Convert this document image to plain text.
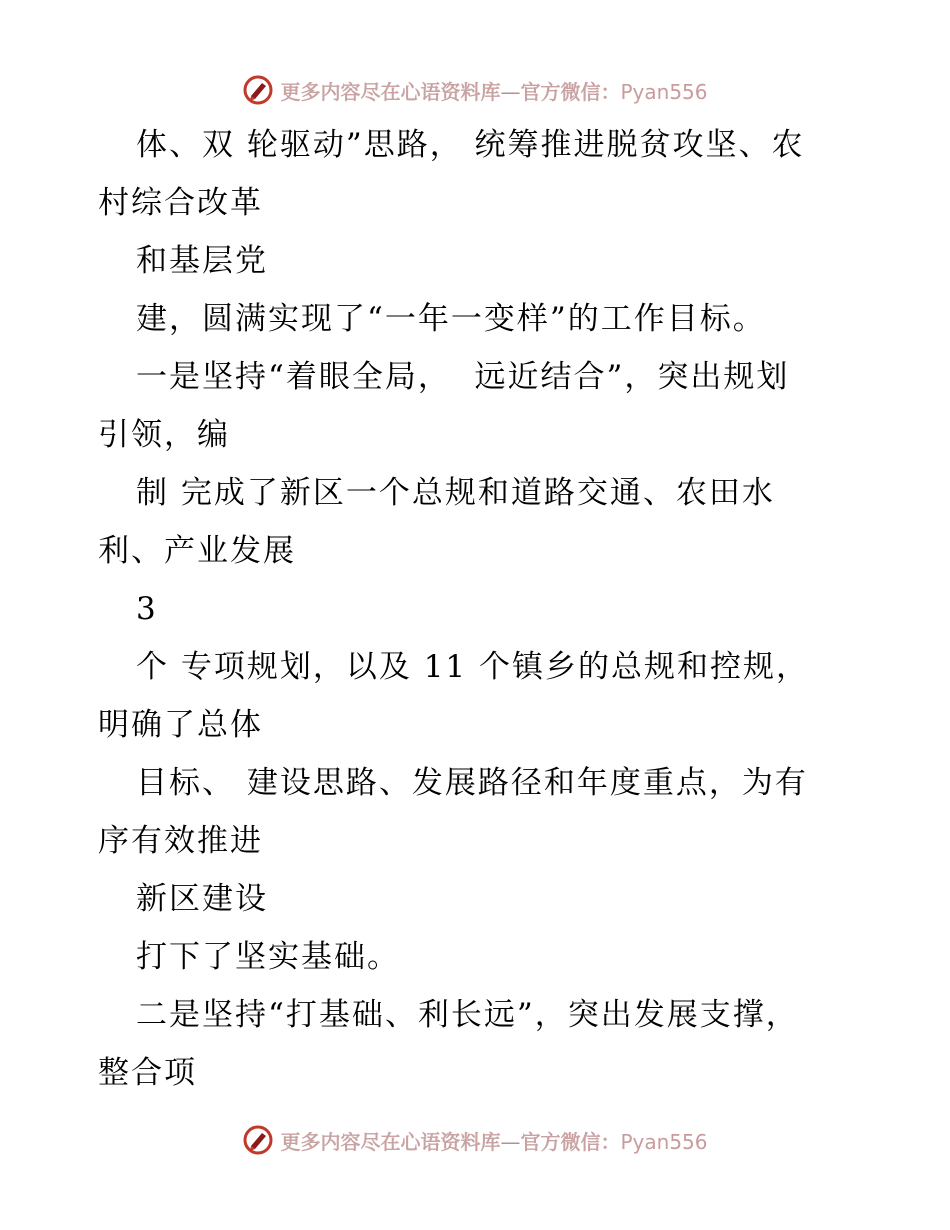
更多内容尽在心语资料库—官方微信：Pyan556
体、双 轮驱动”思路， 统筹推进脱贫攻坚、农
村综合改革
和基层党
建，圆满实现了“一年一变样”的工作目标。
一是坚持“着眼全局，  远近结合”，突出规划
引领，编
制 完成了新区一个总规和道路交通、农田水
利、产业发展
3
个 专项规划，以及 11 个镇乡的总规和控规，
明确了总体
目标、 建设思路、发展路径和年度重点，为有
序有效推进
新区建设
打下了坚实基础。
二是坚持“打基础、利长远”，突出发展支撑，
整合项
更多内容尽在心语资料库—官方微信：Pyan556
